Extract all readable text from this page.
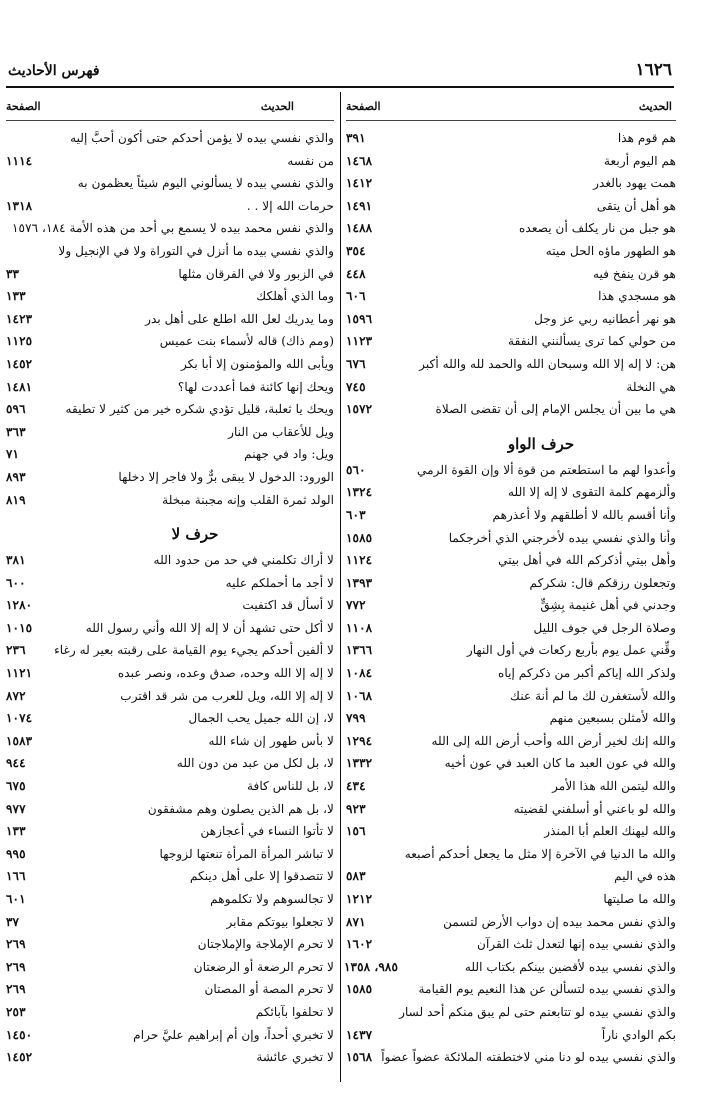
فهرس الأحاديث	١٦٢٦
الحديث
الصفحة
هم قوم هذا
٣٩١
هم اليوم أربعة
١٤٦٨
همت يهود بالغدر
١٤١٢
هو أهل أن يتقى
١٤٩١
هو جبل من نار يكلف أن يصعده
١٤٨٨
هو الطهور ماؤه الحل ميته
٣٥٤
هو قرن ينفخ فيه
٤٤٨
هو مسجدي هذا
٦٠٦
هو نهر أعطانيه ربي عز وجل
١٥٩٦
من حولي كما ترى يسألنني النفقة
١١٢٣
هن: لا إله إلا الله وسبحان الله والحمد لله والله أكبر
٦٧٦
هي النخلة
٧٤٥
هي ما بين أن يجلس الإمام إلى أن تقضى الصلاة
١٥٧٢
حرف الواو
وأعدوا لهم ما استطعتم من قوة ألا وإن القوة الرمي
٥٦٠
وألزمهم كلمة التقوى لا إله إلا الله
١٣٢٤
وأنا أقسم بالله لا أطلقهم ولا أعذرهم
٦٠٣
وأنا والذي نفسي بيده لأخرجني الذي أخرجكما
١٥٨٥
وأهل بيتي أذكركم الله في أهل بيتي
١١٢٤
وتجعلون رزقكم قال: شكركم
١٣٩٣
وجدني في أهل غنيمة بِشِقٍّ
٧٧٢
وصلاة الرجل في جوف الليل
١١٠٨
وقِّني عمل يوم بأربع ركعات في أول النهار
١٣٦٦
ولذكر الله إياكم أكبر من ذكركم إياه
١٠٨٤
والله لأستغفرن لك ما لم أنهَ عنك
١٠٦٨
والله لأمثلن بسبعين منهم
٧٩٩
والله إنك لخير أرض الله وأحب أرض الله إلى الله
١٢٩٤
والله في عون العبد ما كان العبد في عون أخيه
١٣٣٢
والله ليتمن الله هذا الأمر
٤٣٤
والله لو باعني أو أسلفني لقضيته
٩٢٣
والله ليهنك العلم أبا المنذر
١٥٦
والله ما الدنيا في الآخرة إلا مثل ما يجعل أحدكم أصبعه
هذه في اليم
٥٨٣
والله ما صليتها
١٢١٢
والذي نفس محمد بيده إن دواب الأرض لتسمن
٨٧١
والذي نفسي بيده إنها لتعدل ثلث القرآن
١٦٠٢
والذي نفسي بيده لأقضين بينكم بكتاب الله
٩٨٥، ١٣٥٨
والذي نفسي بيده لتسألن عن هذا النعيم يوم القيامة
١٥٨٥
والذي نفسي بيده لو تتابعتم حتى لم يبق منكم أحد لسار
بكم الوادي ناراً
١٤٣٧
والذي نفسي بيده لو دنا مني لاختطفته الملائكة عضواً عضواً
١٥٦٨
الحديث
الصفحة
والذي نفسي بيده لا يؤمن أحدكم حتى أكون أحبَّ إليه
من نفسه
١١١٤
والذي نفسي بيده لا يسألوني اليوم شيئاً يعظمون به
حرمات الله إلا . .
١٣١٨
والذي نفس محمد بيده لا يسمع بي أحد من هذه الأمة ١٨٤، ١٥٧٦
والذي نفسي بيده ما أنزل في التوراة ولا في الإنجيل ولا
في الزبور ولا في الفرقان مثلها
٣٣
وما الذي أهلكك
١٣٣
وما يدريك لعل الله اطلع على أهل بدر
١٤٢٣
(ومم ذاك) قاله لأسماء بنت عميس
١١٢٥
ويأبى الله والمؤمنون إلا أبا بكر
١٤٥٢
ويحك إنها كائنة فما أعددت لها؟
١٤٨١
ويحك يا ثعلبة، قليل تؤدي شكره خير من كثير لا تطيقه
٥٩٦
ويل للأعقاب من النار
٣٦٣
ويل: واد في جهنم
٧١
الورود: الدخول لا يبقى برٌّ ولا فاجر إلا دخلها
٨٩٣
الولد ثمرة القلب وإنه مجبنة مبخلة
٨١٩
حرف لا
لا أراك تكلمني في حد من حدود الله
٣٨١
لا أجد ما أحملكم عليه
٦٠٠
لا أسأل قد اكتفيت
١٢٨٠
لا أكل حتى تشهد أن لا إله إلا الله وأني رسول الله
١٠١٥
لا ألفين أحدكم يجيء يوم القيامة على رقبته بعير له رغاء
٢٣٦
لا إله إلا الله وحده، صدق وعده، ونصر عبده
١١٢١
لا إله إلا الله، ويل للعرب من شر قد اقترب
٨٧٢
لا، إن الله جميل يحب الجمال
١٠٧٤
لا بأس طهور إن شاء الله
١٥٨٣
لا، بل لكل من عبد من دون الله
٩٤٤
لا، بل للناس كافة
٦٧٥
لا، بل هم الذين يصلون وهم مشفقون
٩٧٧
لا تأتوا النساء في أعجازهن
١٣٣
لا تباشر المرأة المرأة تنعتها لزوجها
٩٩٥
لا تتصدقوا إلا على أهل دينكم
١٦٦
لا تجالسوهم ولا تكلموهم
٦٠١
لا تجعلوا بيوتكم مقابر
٣٧
لا تحرم الإملاجة والإملاجتان
٢٦٩
لا تحرم الرضعة أو الرضعتان
٢٦٩
لا تحرم المصة أو المصتان
٢٦٩
لا تحلفوا بآبائكم
٢٥٣
لا تخبري أحداً، وإن أم إبراهيم عليَّ حرام
١٤٥٠
لا تخبري عائشة
١٤٥٢
